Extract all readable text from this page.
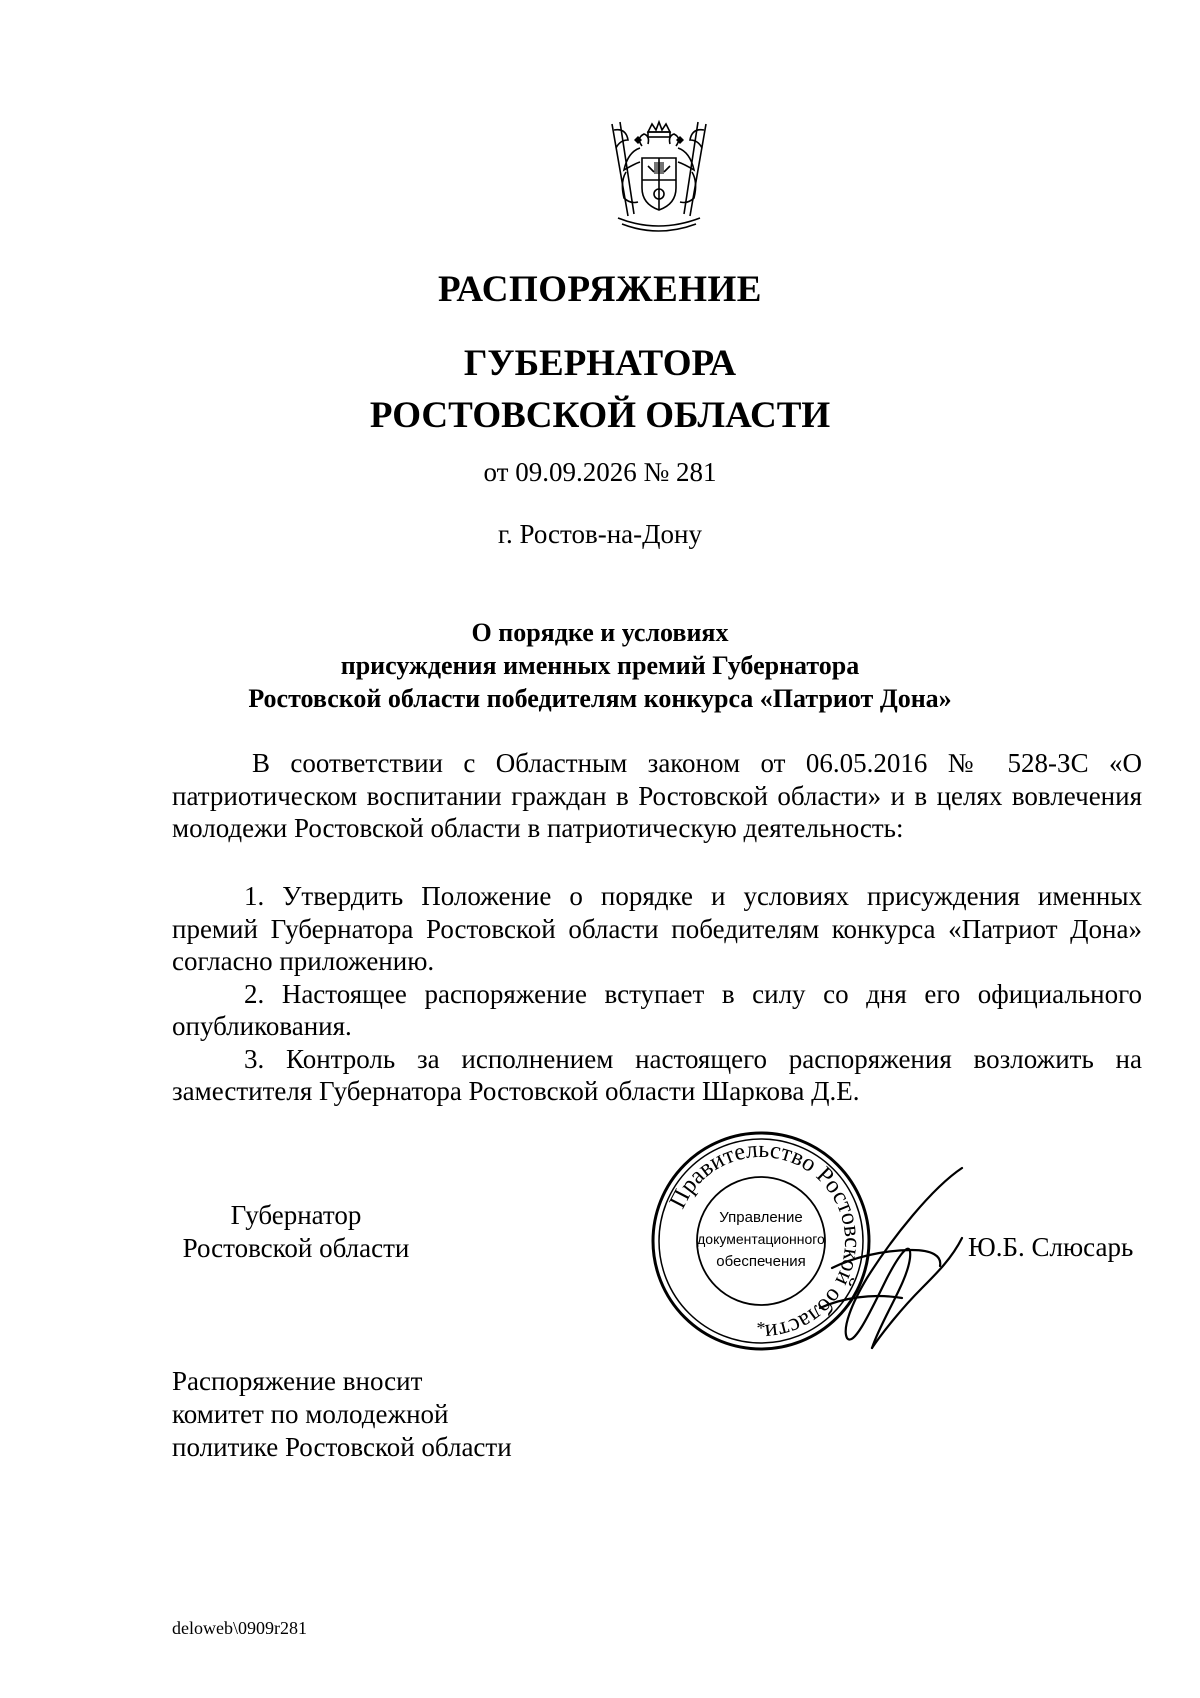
РАСПОРЯЖЕНИЕ
ГУБЕРНАТОРА
РОСТОВСКОЙ ОБЛАСТИ
от 09.09.2026 № 281
г. Ростов-на-Дону
О порядке и условиях
присуждения именных премий Губернатора
Ростовской области победителям конкурса «Патриот Дона»
В соответствии с Областным законом от 06.05.2016 № 528-ЗС «О патриотическом воспитании граждан в Ростовской области» и в целях вовлечения молодежи Ростовской области в патриотическую деятельность:

1. Утвердить Положение о порядке и условиях присуждения именных премий Губернатора Ростовской области победителям конкурса «Патриот Дона» согласно приложению.

2. Настоящее распоряжение вступает в силу со дня его официального опубликования.

3. Контроль за исполнением настоящего распоряжения возложить на заместителя Губернатора Ростовской области Шаркова Д.Е.

Губернатор
Ростовской области
Правительство Ростовской области
Управление
документационного
обеспечения
*
Ю.Б. Слюсарь
Распоряжение вносит
комитет по молодежной
политике Ростовской области
deloweb\0909r281
